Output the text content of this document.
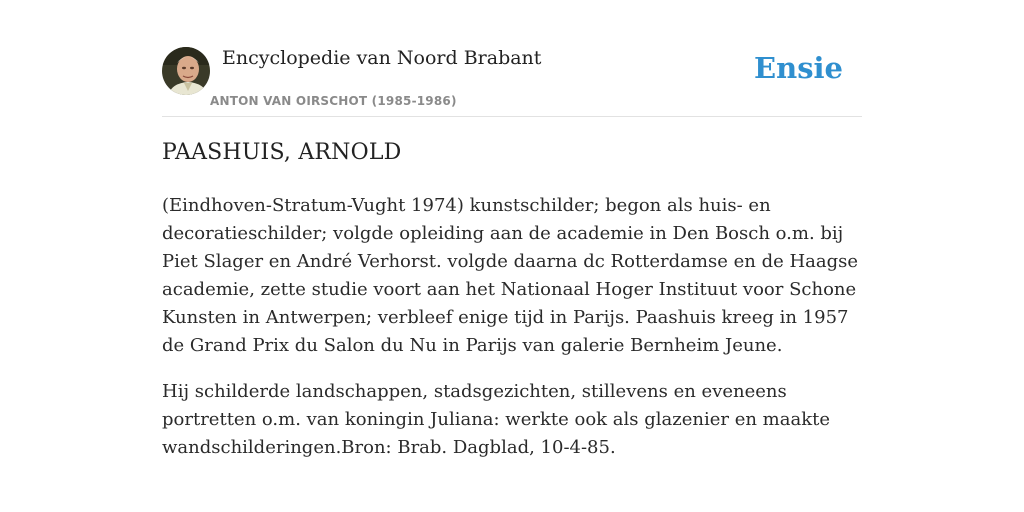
Encyclopedie van Noord Brabant
ANTON VAN OIRSCHOT (1985-1986)
Ensie
PAASHUIS, ARNOLD

(Eindhoven-Stratum-Vught 1974) kunstschilder; begon als huis- en decoratieschilder; volgde opleiding aan de academie in Den Bosch o.m. bij Piet Slager en André Verhorst. volgde daarna dc Rotterdamse en de Haagse academie, zette studie voort aan het Nationaal Hoger Instituut voor Schone Kunsten in Antwerpen; verbleef enige tijd in Parijs. Paashuis kreeg in 1957 de Grand Prix du Salon du Nu in Parijs van galerie Bernheim Jeune.

Hij schilderde landschappen, stadsgezichten, stillevens en eveneens portretten o.m. van koningin Juliana: werkte ook als glazenier en maakte wandschilderingen.Bron: Brab. Dagblad, 10-4-85.
